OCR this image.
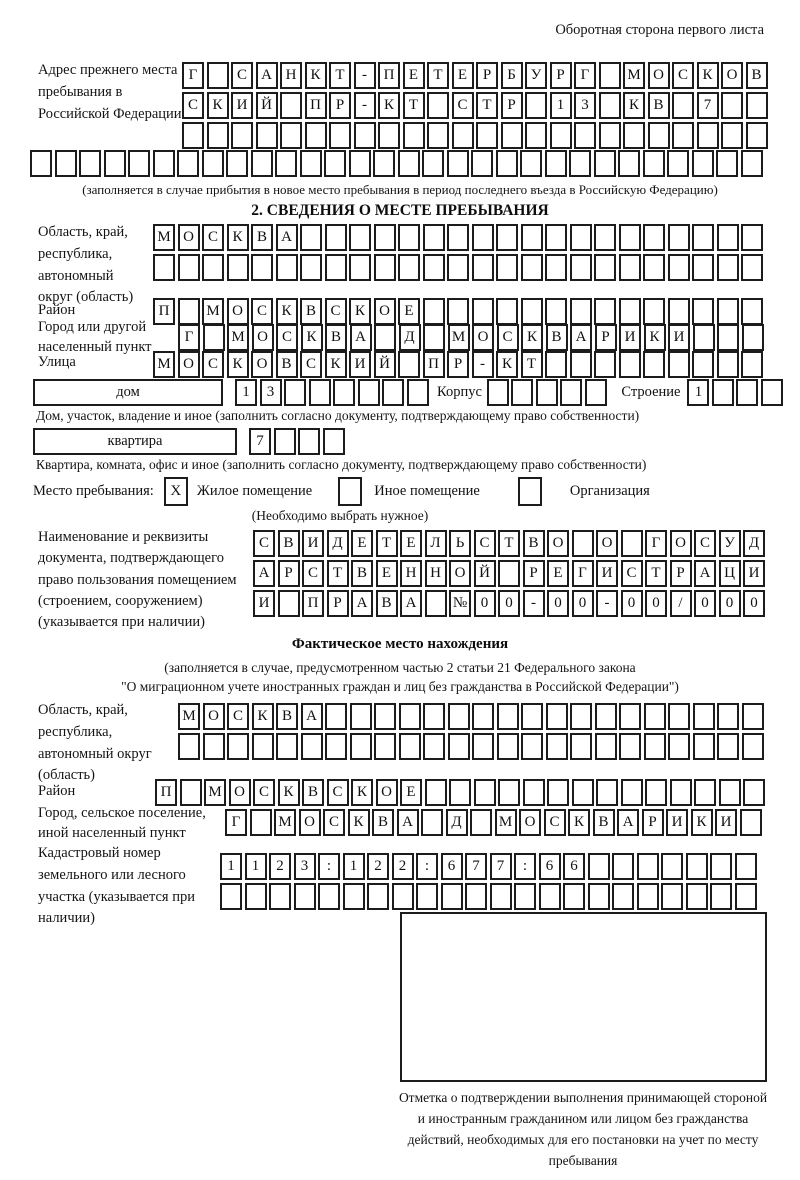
Оборотная сторона первого листа
Адрес прежнего места пребывания в Российской Федерации
Г	С А Н К Т - П Е Т Е Р Б У Р Г	М О С К О В
С К И Й	П Р - К Т	С Т Р	1 3	К В	7
(заполняется в случае прибытия в новое место пребывания в период последнего въезда в Российскую Федерацию)
2. СВЕДЕНИЯ О МЕСТЕ ПРЕБЫВАНИЯ
Область, край, республика, автономный округ (область)
М О С К В А
Район	П М О С К В С К О Е
Город или другой населенный пункт
Г	М О С К В А	Д М О С К В А Р И К И
Улица	М О С К О В С К И Й	П Р - К Т
дом	1 3	Корпус	Строение 1
Дом, участок, владение и иное (заполнить согласно документу, подтверждающему право собственности)
квартира	7
Квартира, комната, офис и иное (заполнить согласно документу, подтверждающему право собственности)
Место пребывания:	X	Жилое помещение	Иное помещение	Организация
(Необходимо выбрать нужное)
Наименование и реквизиты документа, подтверждающего право пользования помещением (строением, сооружением) (указывается при наличии)
С В И Д Е Т Е Л Ь С Т В О	О	Г О С У Д
А Р С Т В Е Н Н О Й	Р Е Г И С Т Р А Ц И
И	П Р А В А № 0 0 - 0 0 - 0 0 / 0 0 0
Фактическое место нахождения
(заполняется в случае, предусмотренном частью 2 статьи 21 Федерального закона
"О миграционном учете иностранных граждан и лиц без гражданства в Российской Федерации")
Область, край, республика, автономный округ (область)
М О С К В А
Район	П М О С К В С К О Е
Город, сельское поселение, иной населенный пункт
Г	М О С К В А	Д М О С К В А Р И К И
Кадастровый номер земельного или лесного участка (указывается при наличии)
1 1 2 3 : 1 2 2 : 6 7 7 : 6 6
Отметка о подтверждении выполнения принимающей стороной и иностранным гражданином или лицом без гражданства действий, необходимых для его постановки на учет по месту пребывания
